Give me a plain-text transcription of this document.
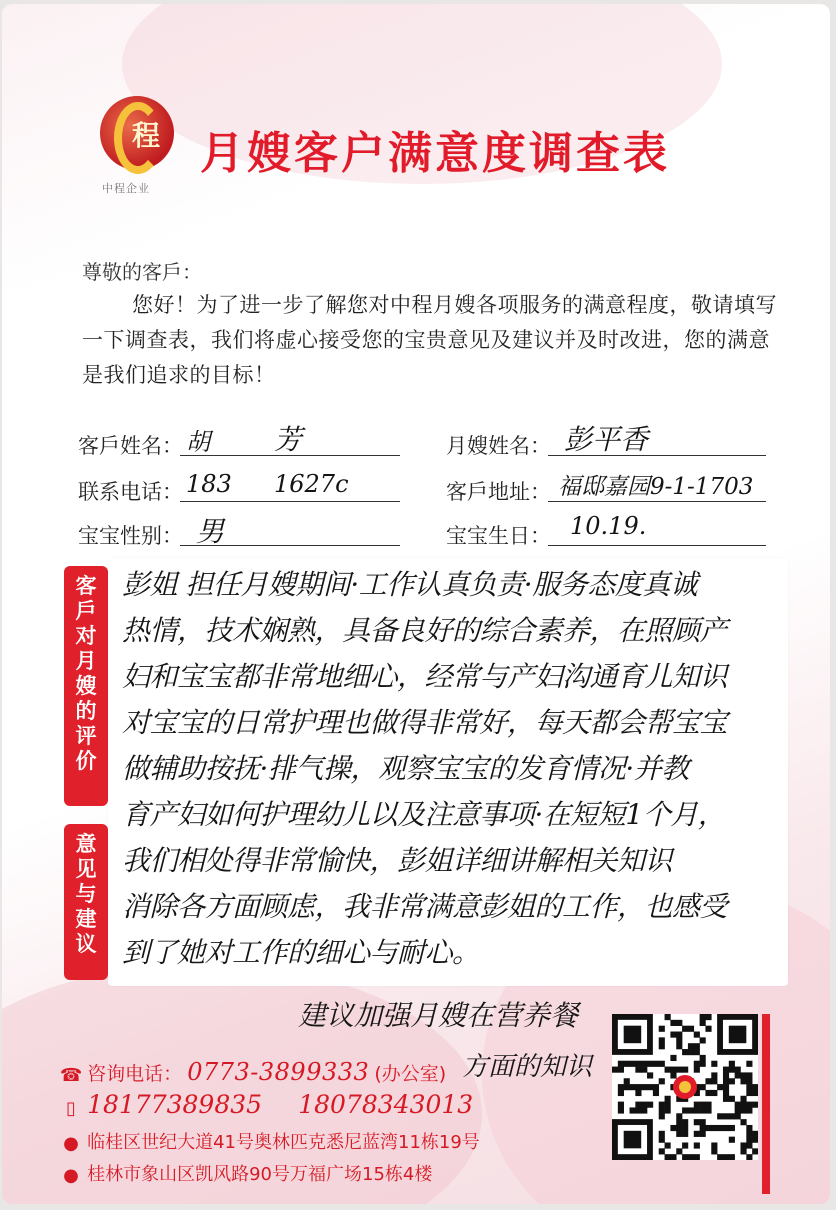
程
中程企业
月嫂客户满意度调查表
尊敬的客戶：
您好！为了进一步了解您对中程月嫂各项服务的满意程度，敬请填写一下调查表，我们将虚心接受您的宝贵意见及建议并及时改进，您的满意是我们追求的目标！
客戶姓名： 胡 芳	月嫂姓名： 彭平香
联系电话： 183 1627c	客戶地址： 福邸嘉园9-1-1703
宝宝性别： 男	宝宝生日： 10.19.
客
戶
对
月
嫂
的
评
价
意
见
与
建
议
彭姐 担任月嫂期间·工作认真负责·服务态度真诚
热情，技术娴熟，具备良好的综合素养，在照顾产
妇和宝宝都非常地细心，经常与产妇沟通育儿知识
对宝宝的日常护理也做得非常好，每天都会帮宝宝
做辅助按抚·排气操，观察宝宝的发育情况·并教
育产妇如何护理幼儿以及注意事项·在短短1个月，
我们相处得非常愉快，彭姐详细讲解相关知识
消除各方面顾虑，我非常满意彭姐的工作，也感受
到了她对工作的细心与耐心。
建议加强月嫂在营养餐
方面的知识
☎ 咨询电话： 0773-3899333 (办公室)
▯ 18177389835 18078343013
● 临桂区世纪大道41号奥林匹克悉尼蓝湾11栋19号
● 桂林市象山区凯风路90号万福广场15栋4楼
